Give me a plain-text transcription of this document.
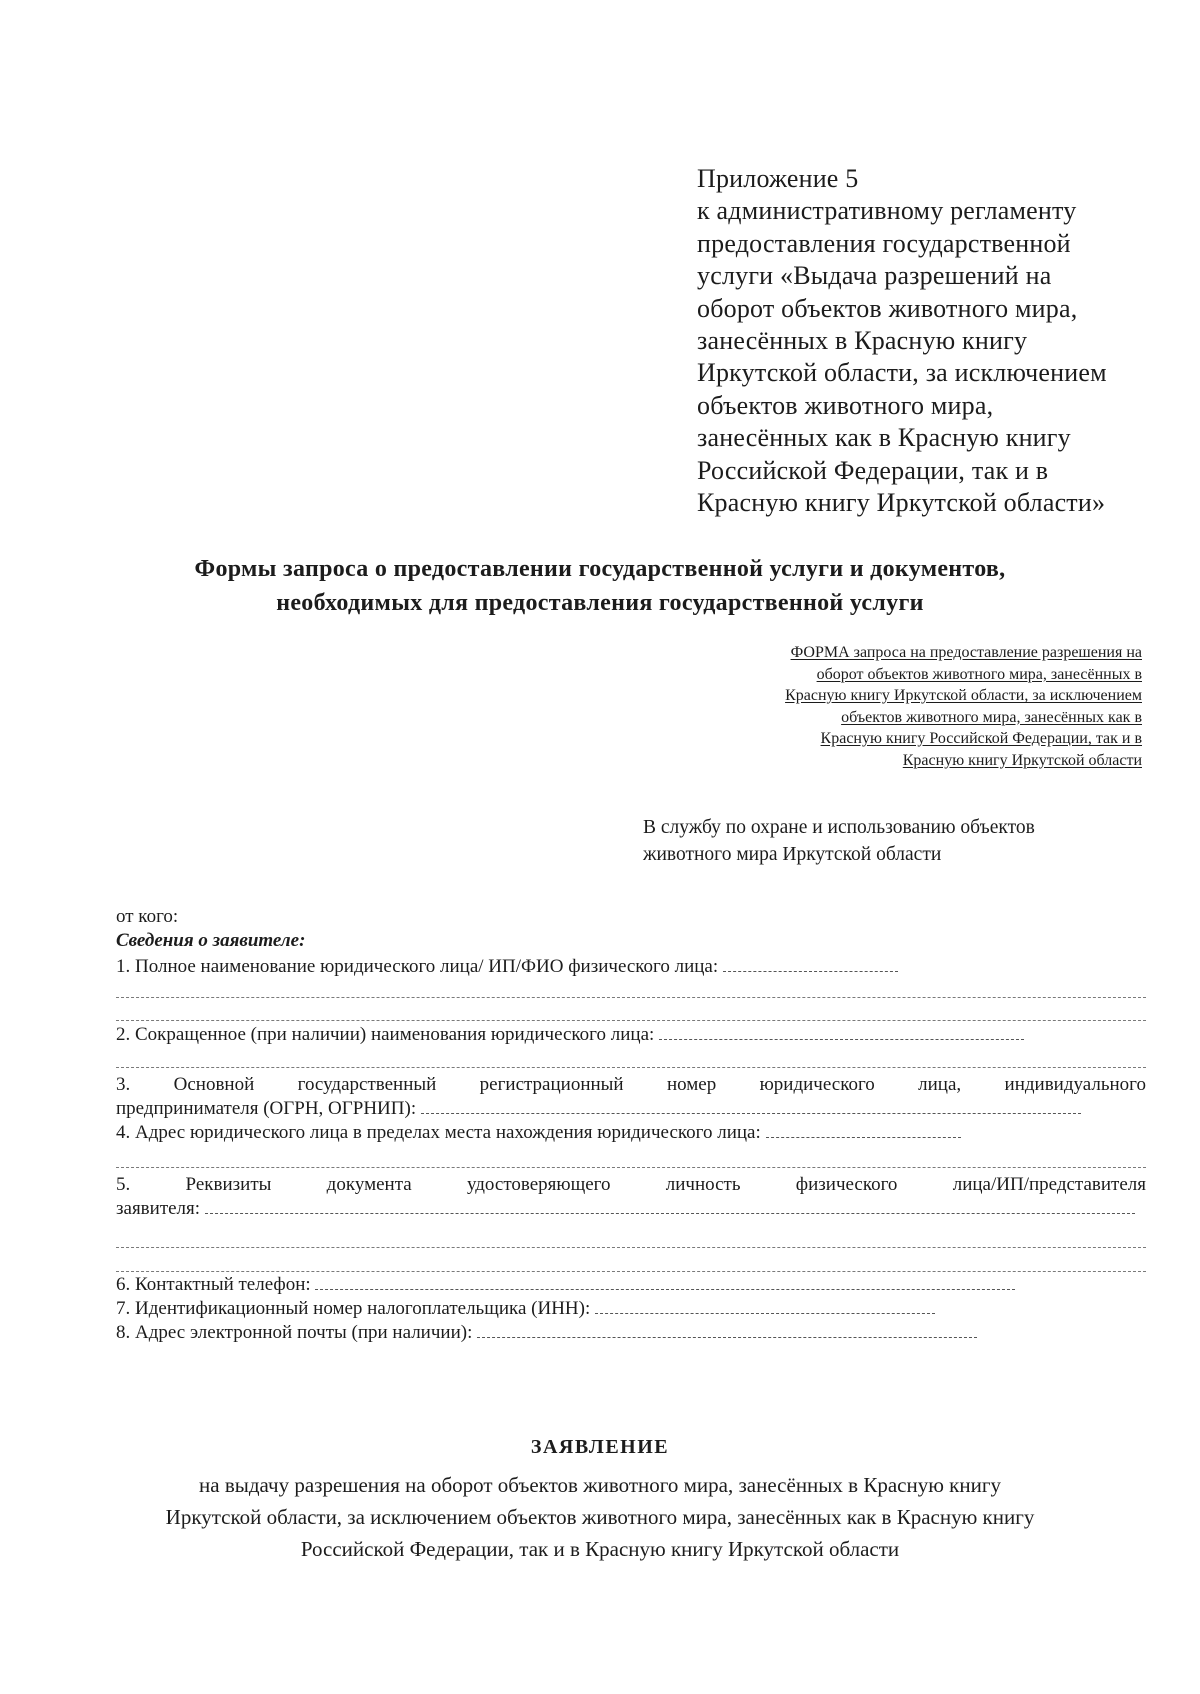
Приложение 5
к административному регламенту
предоставления государственной
услуги «Выдача разрешений на
оборот объектов животного мира,
занесённых в Красную книгу
Иркутской области, за исключением
объектов животного мира,
занесённых как в Красную книгу
Российской Федерации, так и в
Красную книгу Иркутской области»
Формы запроса о предоставлении государственной услуги и документов,
необходимых для предоставления государственной услуги
ФОРМА запроса на предоставление разрешения на
оборот объектов животного мира, занесённых в
Красную книгу Иркутской области, за исключением
объектов животного мира, занесённых как в
Красную книгу Российской Федерации, так и в
Красную книгу Иркутской области
В службу по охране и использованию объектов
животного мира Иркутской области
от кого:
Сведения о заявителе:
1. Полное наименование юридического лица/ ИП/ФИО физического лица:
2. Сокращенное (при наличии) наименования юридического лица:
3. Основной государственный регистрационный номер юридического лица, индивидуального
предпринимателя (ОГРН, ОГРНИП):
4. Адрес юридического лица в пределах места нахождения юридического лица:
5. Реквизиты документа удостоверяющего личность физического лица/ИП/представителя
заявителя:
6. Контактный телефон:
7. Идентификационный номер налогоплательщика (ИНН):
8. Адрес электронной почты (при наличии):
ЗАЯВЛЕНИЕ
на выдачу разрешения на оборот объектов животного мира, занесённых в Красную книгу
Иркутской области, за исключением объектов животного мира, занесённых как в Красную книгу
Российской Федерации, так и в Красную книгу Иркутской области
